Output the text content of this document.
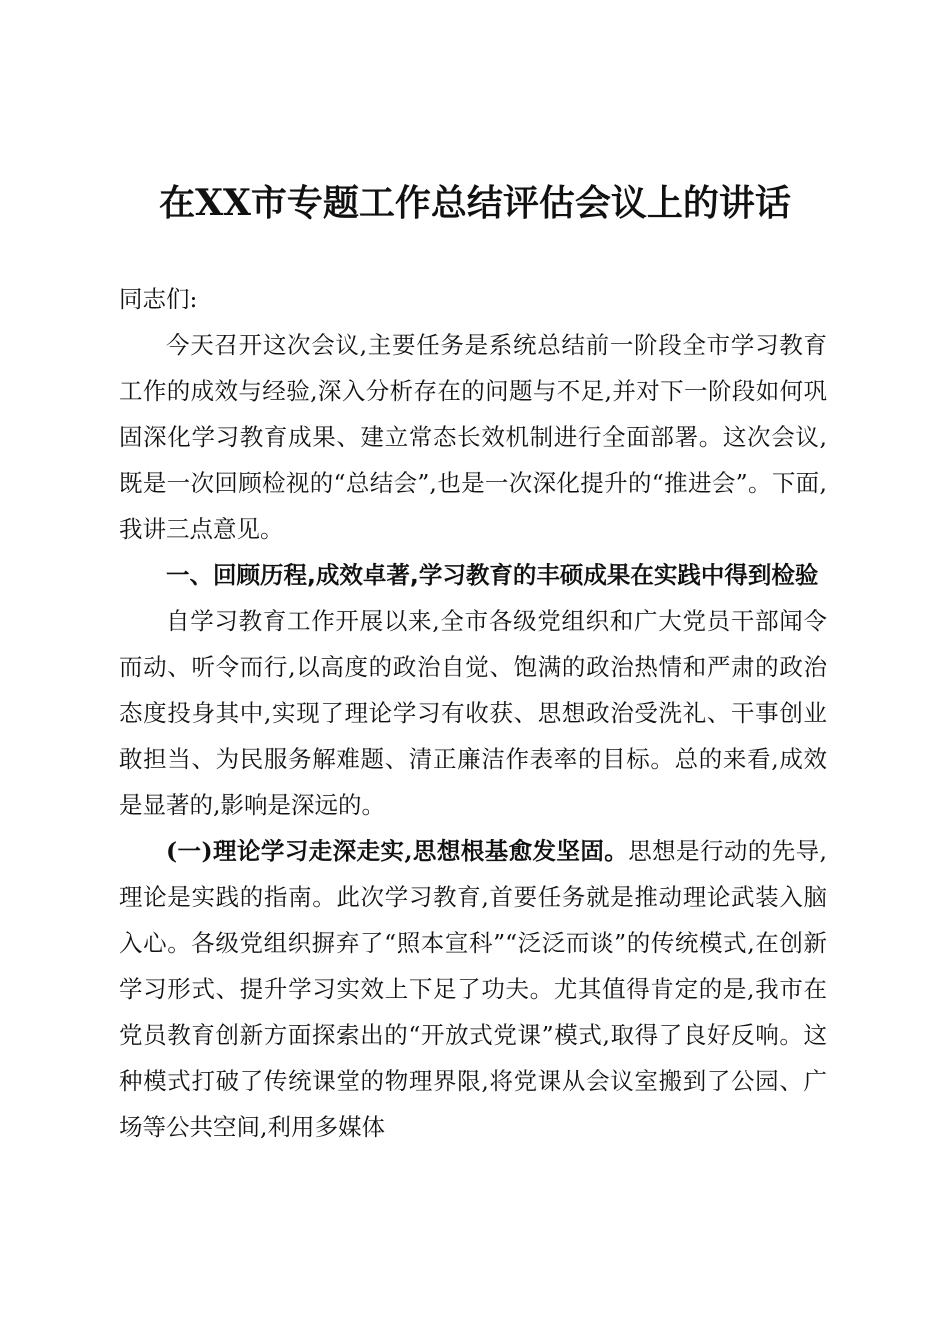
在XX市专题工作总结评估会议上的讲话

同志们:

今天召开这次会议,主要任务是系统总结前一阶段全市学习教育工作的成效与经验,深入分析存在的问题与不足,并对下一阶段如何巩固深化学习教育成果、建立常态长效机制进行全面部署。这次会议,既是一次回顾检视的“总结会”,也是一次深化提升的“推进会”。下面,我讲三点意见。

一、回顾历程,成效卓著,学习教育的丰硕成果在实践中得到检验

自学习教育工作开展以来,全市各级党组织和广大党员干部闻令而动、听令而行,以高度的政治自觉、饱满的政治热情和严肃的政治态度投身其中,实现了理论学习有收获、思想政治受洗礼、干事创业敢担当、为民服务解难题、清正廉洁作表率的目标。总的来看,成效是显著的,影响是深远的。

(一)理论学习走深走实,思想根基愈发坚固。思想是行动的先导,理论是实践的指南。此次学习教育,首要任务就是推动理论武装入脑入心。各级党组织摒弃了“照本宣科”“泛泛而谈”的传统模式,在创新学习形式、提升学习实效上下足了功夫。尤其值得肯定的是,我市在党员教育创新方面探索出的“开放式党课”模式,取得了良好反响。这种模式打破了传统课堂的物理界限,将党课从会议室搬到了公园、广场等公共空间,利用多媒体
